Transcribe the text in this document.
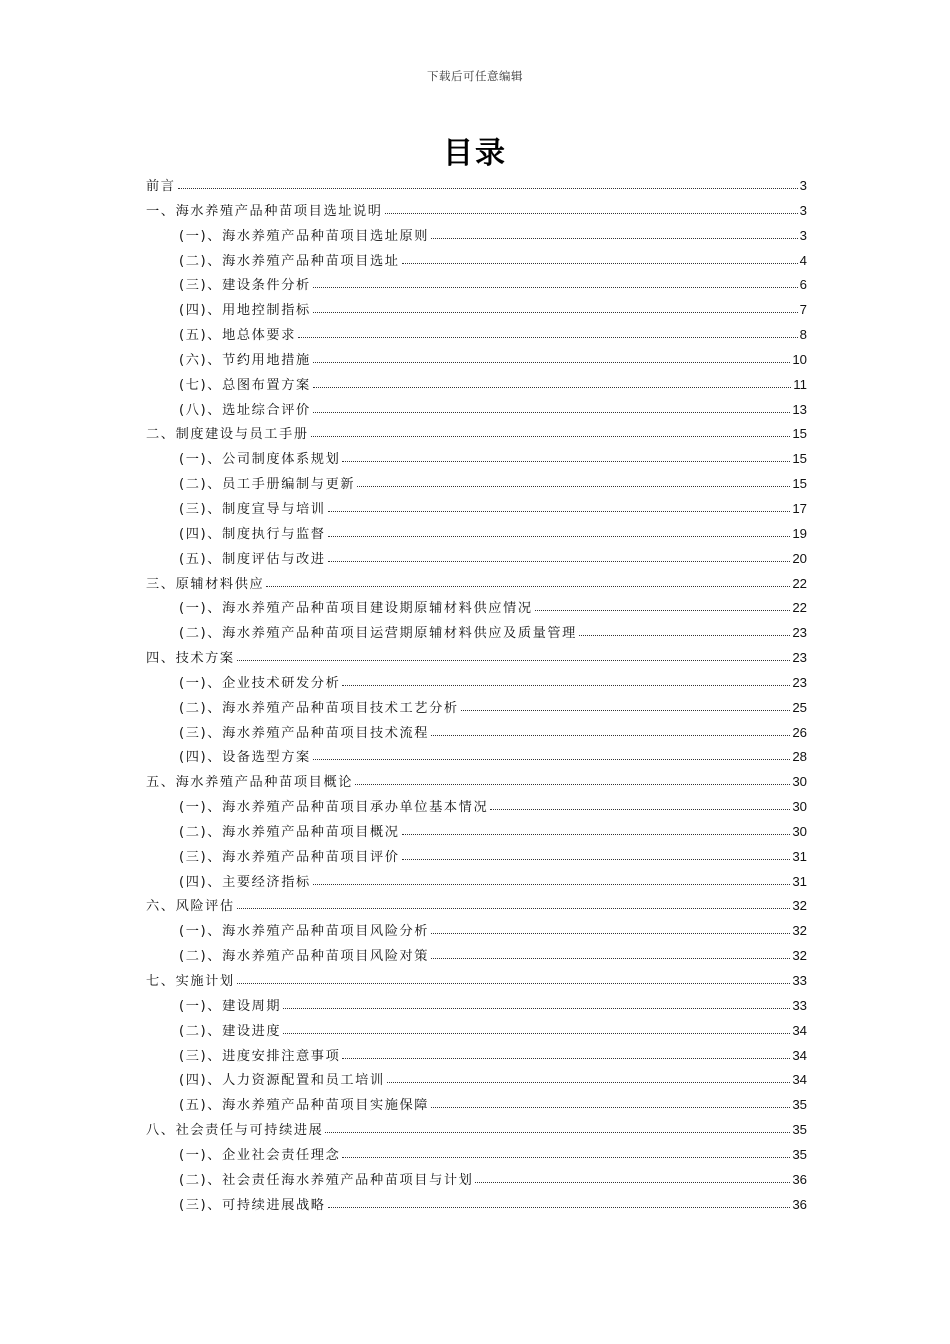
下载后可任意编辑
目录
前言	3
一、海水养殖产品种苗项目选址说明	3
(一)、海水养殖产品种苗项目选址原则	3
(二)、海水养殖产品种苗项目选址	4
(三)、建设条件分析	6
(四)、用地控制指标	7
(五)、地总体要求	8
(六)、节约用地措施	10
(七)、总图布置方案	11
(八)、选址综合评价	13
二、制度建设与员工手册	15
(一)、公司制度体系规划	15
(二)、员工手册编制与更新	15
(三)、制度宣导与培训	17
(四)、制度执行与监督	19
(五)、制度评估与改进	20
三、原辅材料供应	22
(一)、海水养殖产品种苗项目建设期原辅材料供应情况	22
(二)、海水养殖产品种苗项目运营期原辅材料供应及质量管理	23
四、技术方案	23
(一)、企业技术研发分析	23
(二)、海水养殖产品种苗项目技术工艺分析	25
(三)、海水养殖产品种苗项目技术流程	26
(四)、设备选型方案	28
五、海水养殖产品种苗项目概论	30
(一)、海水养殖产品种苗项目承办单位基本情况	30
(二)、海水养殖产品种苗项目概况	30
(三)、海水养殖产品种苗项目评价	31
(四)、主要经济指标	31
六、风险评估	32
(一)、海水养殖产品种苗项目风险分析	32
(二)、海水养殖产品种苗项目风险对策	32
七、实施计划	33
(一)、建设周期	33
(二)、建设进度	34
(三)、进度安排注意事项	34
(四)、人力资源配置和员工培训	34
(五)、海水养殖产品种苗项目实施保障	35
八、社会责任与可持续进展	35
(一)、企业社会责任理念	35
(二)、社会责任海水养殖产品种苗项目与计划	36
(三)、可持续进展战略	36
